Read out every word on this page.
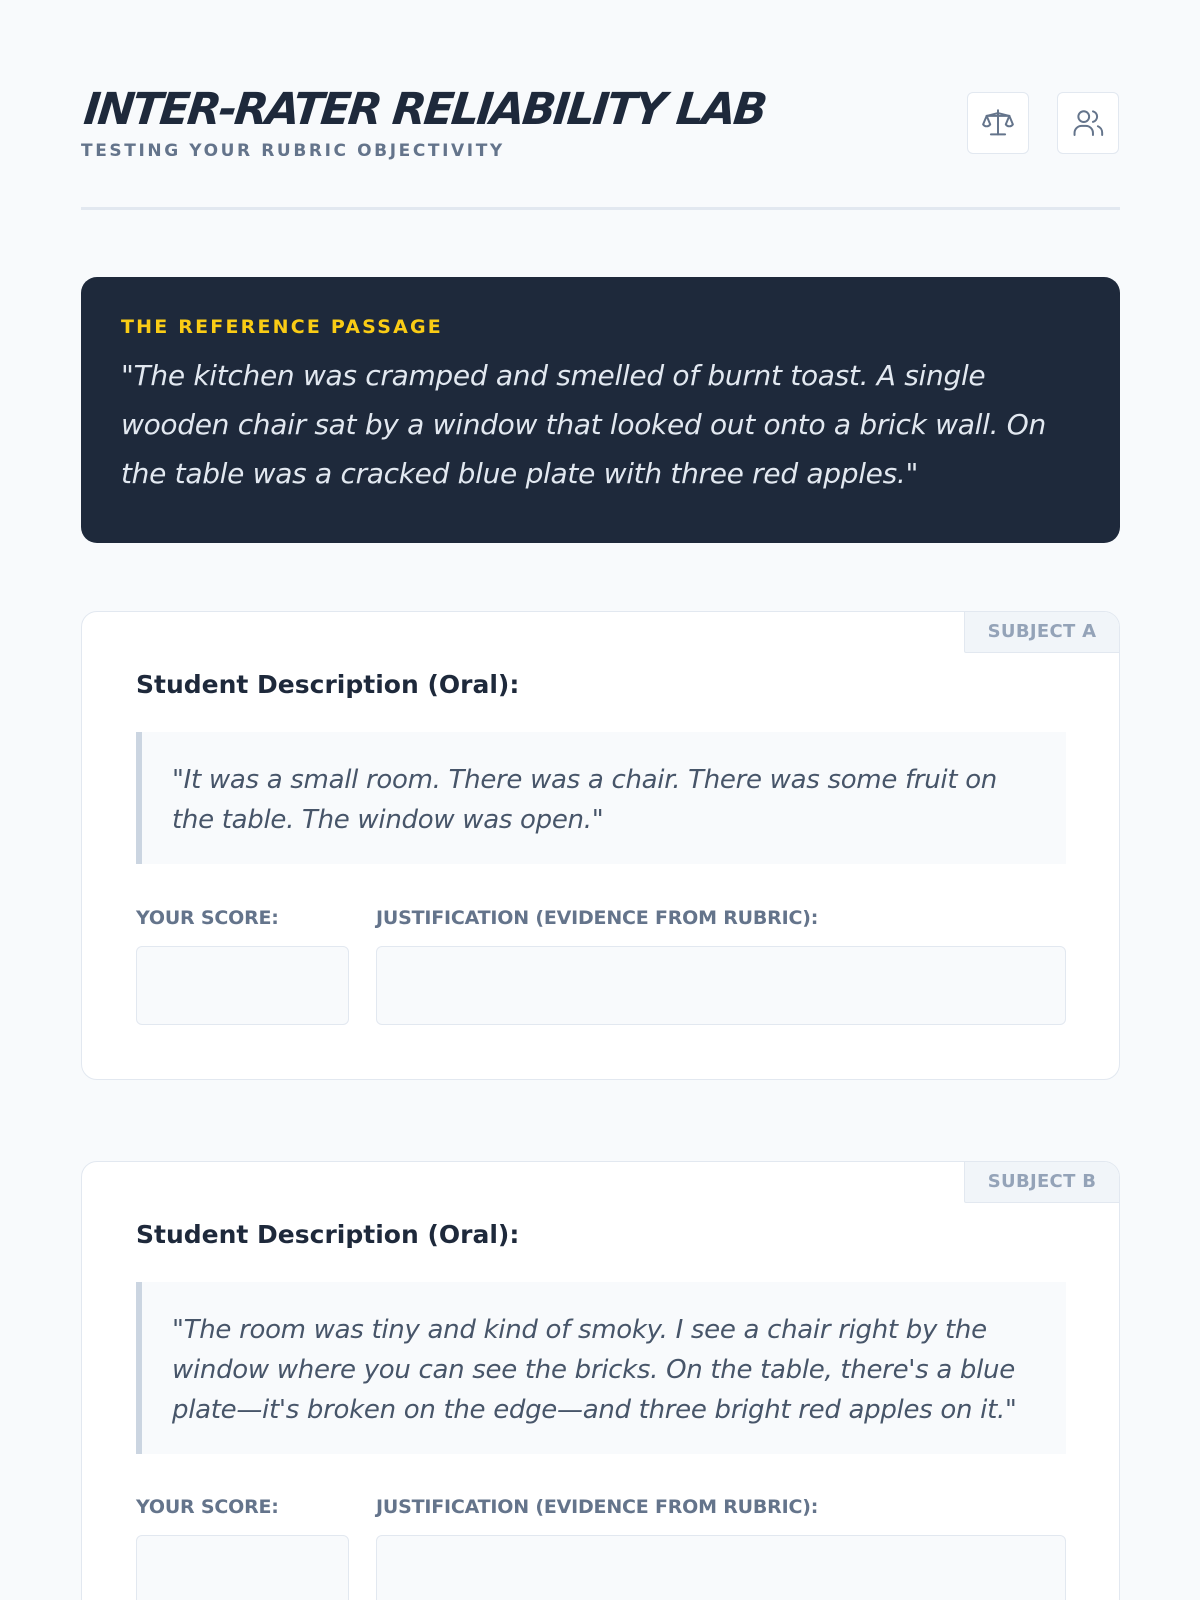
INTER-RATER RELIABILITY LAB
TESTING YOUR RUBRIC OBJECTIVITY
THE REFERENCE PASSAGE

"The kitchen was cramped and smelled of burnt toast. A single wooden chair sat by a window that looked out onto a brick wall. On the table was a cracked blue plate with three red apples."

SUBJECT A
Student Description (Oral):
"It was a small room. There was a chair. There was some fruit on the table. The window was open."
YOUR SCORE:	JUSTIFICATION (EVIDENCE FROM RUBRIC):
SUBJECT B
Student Description (Oral):
"The room was tiny and kind of smoky. I see a chair right by the window where you can see the bricks. On the table, there's a blue plate—it's broken on the edge—and three bright red apples on it."
YOUR SCORE:	JUSTIFICATION (EVIDENCE FROM RUBRIC):
